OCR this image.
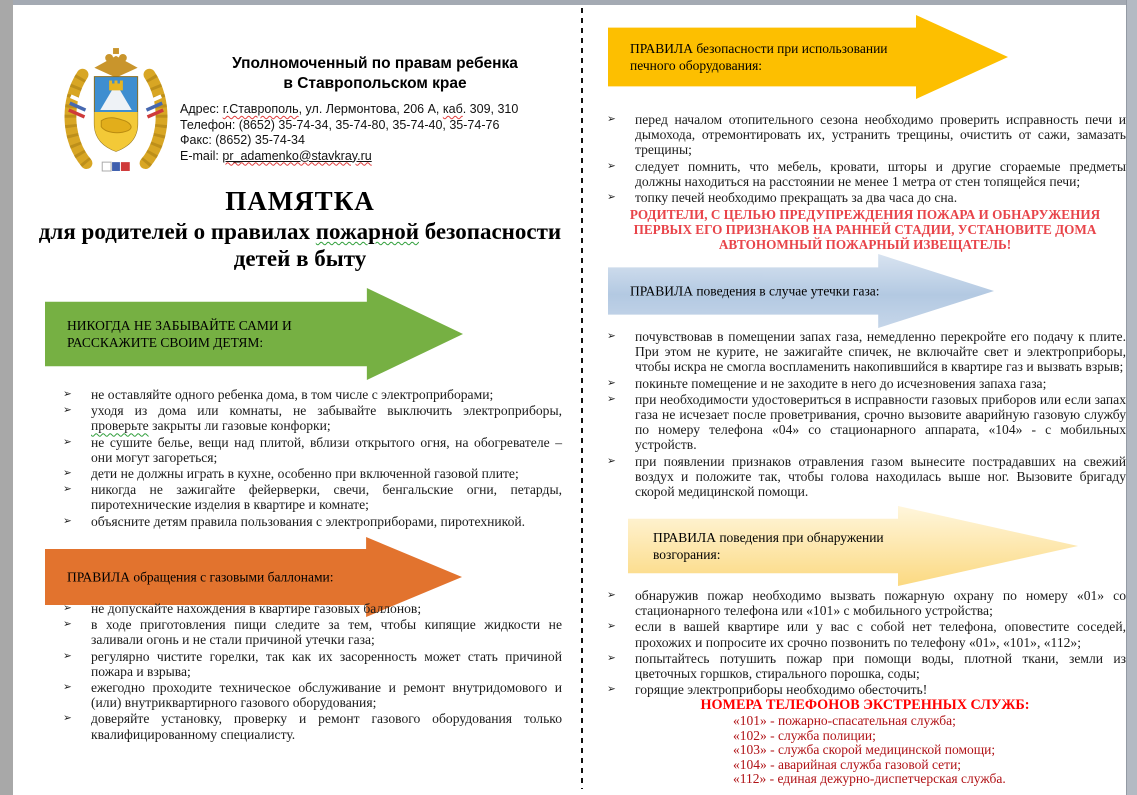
Уполномоченный по правам ребенка
в Ставропольском крае
Адрес: г.Ставрополь, ул. Лермонтова, 206 А, каб. 309, 310
Телефон: (8652) 35-74-34, 35-74-80, 35-74-40, 35-74-76
Факс: (8652) 35-74-34
E-mail: pr_adamenko@stavkray.ru
ПАМЯТКА
для родителей о правилах пожарной безопасности детей в быту
НИКОГДА НЕ ЗАБЫВАЙТЕ САМИ И РАССКАЖИТЕ СВОИМ ДЕТЯМ:
➢ не оставляйте одного ребенка дома, в том числе с электроприборами;
➢ уходя из дома или комнаты, не забывайте выключить электроприборы, проверьте закрыты ли газовые конфорки;
➢ не сушите белье, вещи над плитой, вблизи открытого огня, на обогревателе – они могут загореться;
➢ дети не должны играть в кухне, особенно при включенной газовой плите;
➢ никогда не зажигайте фейерверки, свечи, бенгальские огни, петарды, пиротехнические изделия в квартире и комнате;
➢ объясните детям правила пользования с электроприборами, пиротехникой.
ПРАВИЛА обращения с газовыми баллонами:
➢ не допускайте нахождения в квартире газовых баллонов;
➢ в ходе приготовления пищи следите за тем, чтобы кипящие жидкости не заливали огонь и не стали причиной утечки газа;
➢ регулярно чистите горелки, так как их засоренность может стать причиной пожара и взрыва;
➢ ежегодно проходите техническое обслуживание и ремонт внутридомового и (или) внутриквартирного газового оборудования;
➢ доверяйте установку, проверку и ремонт газового оборудования только квалифицированному специалисту.
ПРАВИЛА безопасности при использовании печного оборудования:
➢ перед началом отопительного сезона необходимо проверить исправность печи и дымохода, отремонтировать их, устранить трещины, очистить от сажи, замазать трещины;
➢ следует помнить, что мебель, кровати, шторы и другие сгораемые предметы должны находиться на расстоянии не менее 1 метра от стен топящейся печи;
➢ топку печей необходимо прекращать за два часа до сна.
РОДИТЕЛИ, С ЦЕЛЬЮ ПРЕДУПРЕЖДЕНИЯ ПОЖАРА И ОБНАРУЖЕНИЯ ПЕРВЫХ ЕГО ПРИЗНАКОВ НА РАННЕЙ СТАДИИ, УСТАНОВИТЕ ДОМА АВТОНОМНЫЙ ПОЖАРНЫЙ ИЗВЕЩАТЕЛЬ!
ПРАВИЛА поведения в случае утечки газа:
➢ почувствовав в помещении запах газа, немедленно перекройте его подачу к плите. При этом не курите, не зажигайте спичек, не включайте свет и электроприборы, чтобы искра не смогла воспламенить накопившийся в квартире газ и вызвать взрыв;
➢ покиньте помещение и не заходите в него до исчезновения запаха газа;
➢ при необходимости удостовериться в исправности газовых приборов или если запах газа не исчезает после проветривания, срочно вызовите аварийную газовую службу по номеру телефона «04» со стационарного аппарата, «104» - с мобильных устройств.
➢ при появлении признаков отравления газом вынесите пострадавших на свежий воздух и положите так, чтобы голова находилась выше ног. Вызовите бригаду скорой медицинской помощи.
ПРАВИЛА поведения при обнаружении возгорания:
➢ обнаружив пожар необходимо вызвать пожарную охрану по номеру «01» со стационарного телефона или «101» с мобильного устройства;
➢ если в вашей квартире или у вас с собой нет телефона, оповестите соседей, прохожих и попросите их срочно позвонить по телефону «01», «101», «112»;
➢ попытайтесь потушить пожар при помощи воды, плотной ткани, земли из цветочных горшков, стирального порошка, соды;
➢ горящие электроприборы необходимо обесточить!
НОМЕРА ТЕЛЕФОНОВ ЭКСТРЕННЫХ СЛУЖБ:
«101» - пожарно-спасательная служба;
«102» - служба полиции;
«103» - служба скорой медицинской помощи;
«104» - аварийная служба газовой сети;
«112» - единая дежурно-диспетчерская служба.
